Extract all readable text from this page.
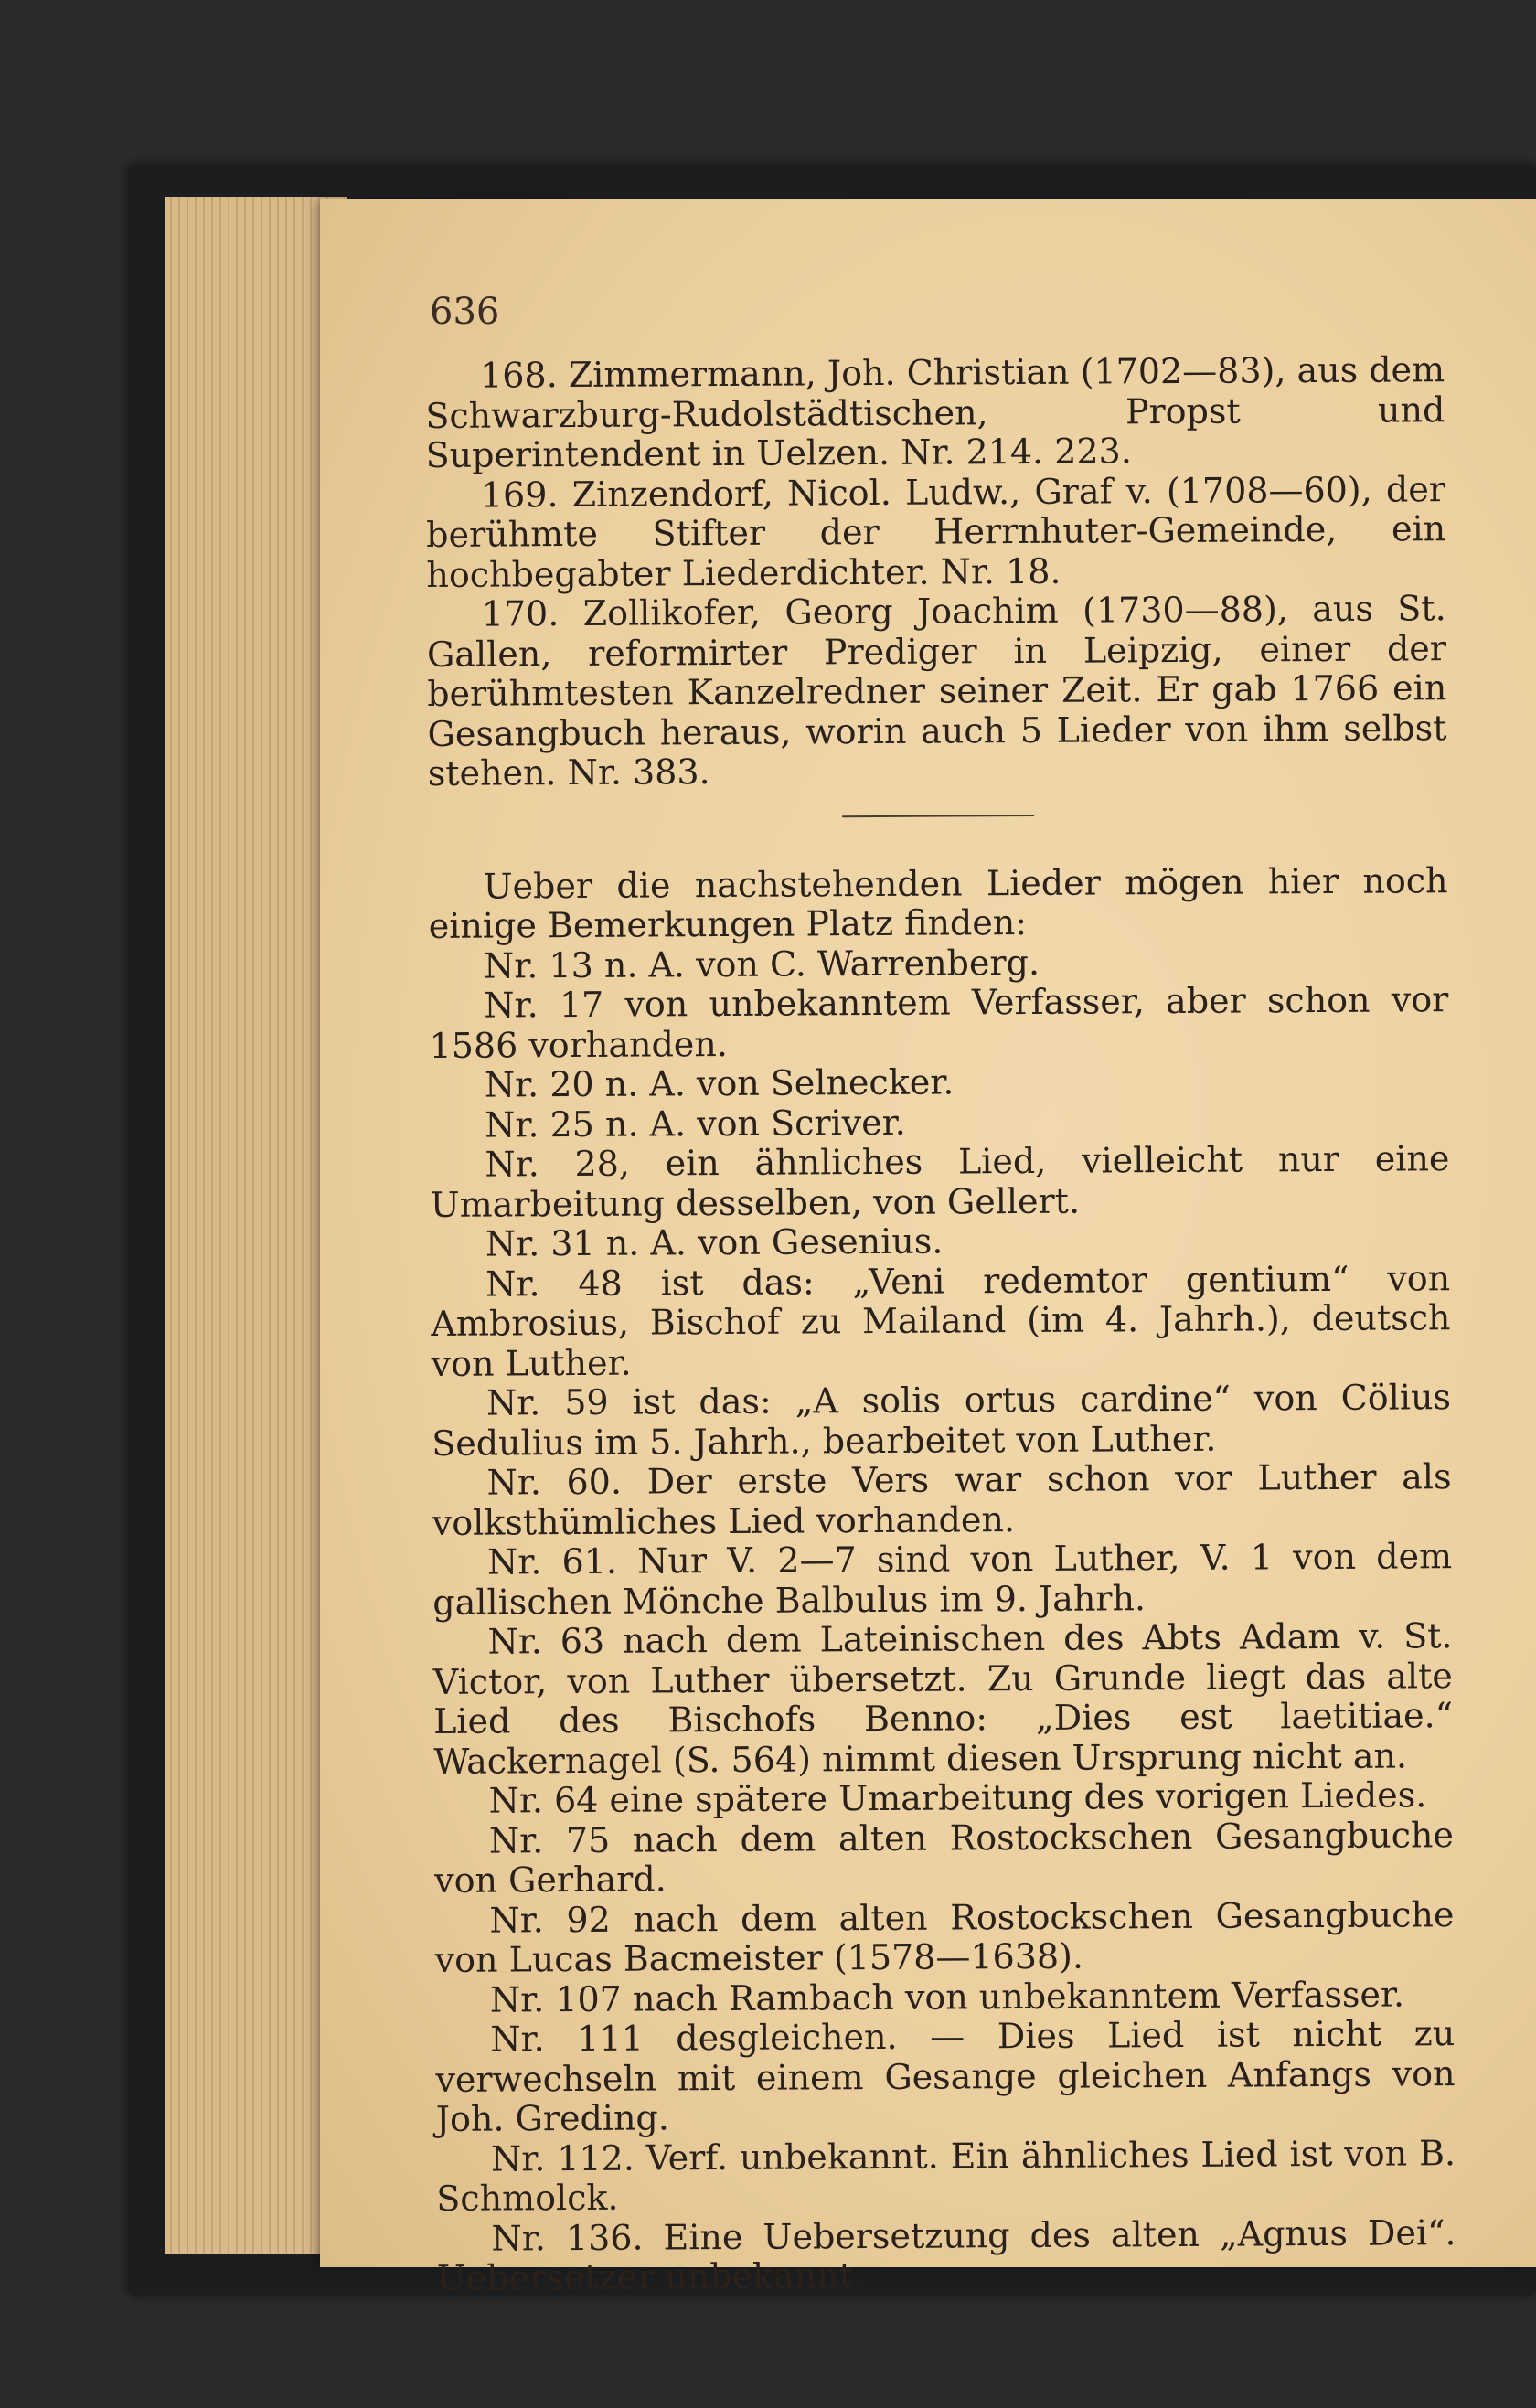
636

168. Zimmermann, Joh. Christian (1702—83), aus dem Schwarzburg-Rudolstädtischen, Propst und Superintendent in Uelzen. Nr. 214. 223.

169. Zinzendorf, Nicol. Ludw., Graf v. (1708—60), der berühmte Stifter der Herrnhuter-Gemeinde, ein hochbegabter Liederdichter. Nr. 18.

170. Zollikofer, Georg Joachim (1730—88), aus St. Gallen, reformirter Prediger in Leipzig, einer der berühmtesten Kanzelredner seiner Zeit. Er gab 1766 ein Gesangbuch heraus, worin auch 5 Lieder von ihm selbst stehen. Nr. 383.

Ueber die nachstehenden Lieder mögen hier noch einige Bemerkungen Platz finden:

Nr. 13 n. A. von C. Warrenberg.

Nr. 17 von unbekanntem Verfasser, aber schon vor 1586 vorhanden.

Nr. 20 n. A. von Selnecker.

Nr. 25 n. A. von Scriver.

Nr. 28, ein ähnliches Lied, vielleicht nur eine Umarbeitung desselben, von Gellert.

Nr. 31 n. A. von Gesenius.

Nr. 48 ist das: „Veni redemtor gentium“ von Ambrosius, Bischof zu Mailand (im 4. Jahrh.), deutsch von Luther.

Nr. 59 ist das: „A solis ortus cardine“ von Cölius Sedulius im 5. Jahrh., bearbeitet von Luther.

Nr. 60. Der erste Vers war schon vor Luther als volksthümliches Lied vorhanden.

Nr. 61. Nur V. 2—7 sind von Luther, V. 1 von dem gallischen Mönche Balbulus im 9. Jahrh.

Nr. 63 nach dem Lateinischen des Abts Adam v. St. Victor, von Luther übersetzt. Zu Grunde liegt das alte Lied des Bischofs Benno: „Dies est laetitiae.“ Wackernagel (S. 564) nimmt diesen Ursprung nicht an.

Nr. 64 eine spätere Umarbeitung des vorigen Liedes.

Nr. 75 nach dem alten Rostockschen Gesangbuche von Gerhard.

Nr. 92 nach dem alten Rostockschen Gesangbuche von Lucas Bacmeister (1578—1638).

Nr. 107 nach Rambach von unbekanntem Verfasser.

Nr. 111 desgleichen. — Dies Lied ist nicht zu verwechseln mit einem Gesange gleichen Anfangs von Joh. Greding.

Nr. 112. Verf. unbekannt. Ein ähnliches Lied ist von B. Schmolck.

Nr. 136. Eine Uebersetzung des alten „Agnus Dei“. Uebersetzer unbekannt.
